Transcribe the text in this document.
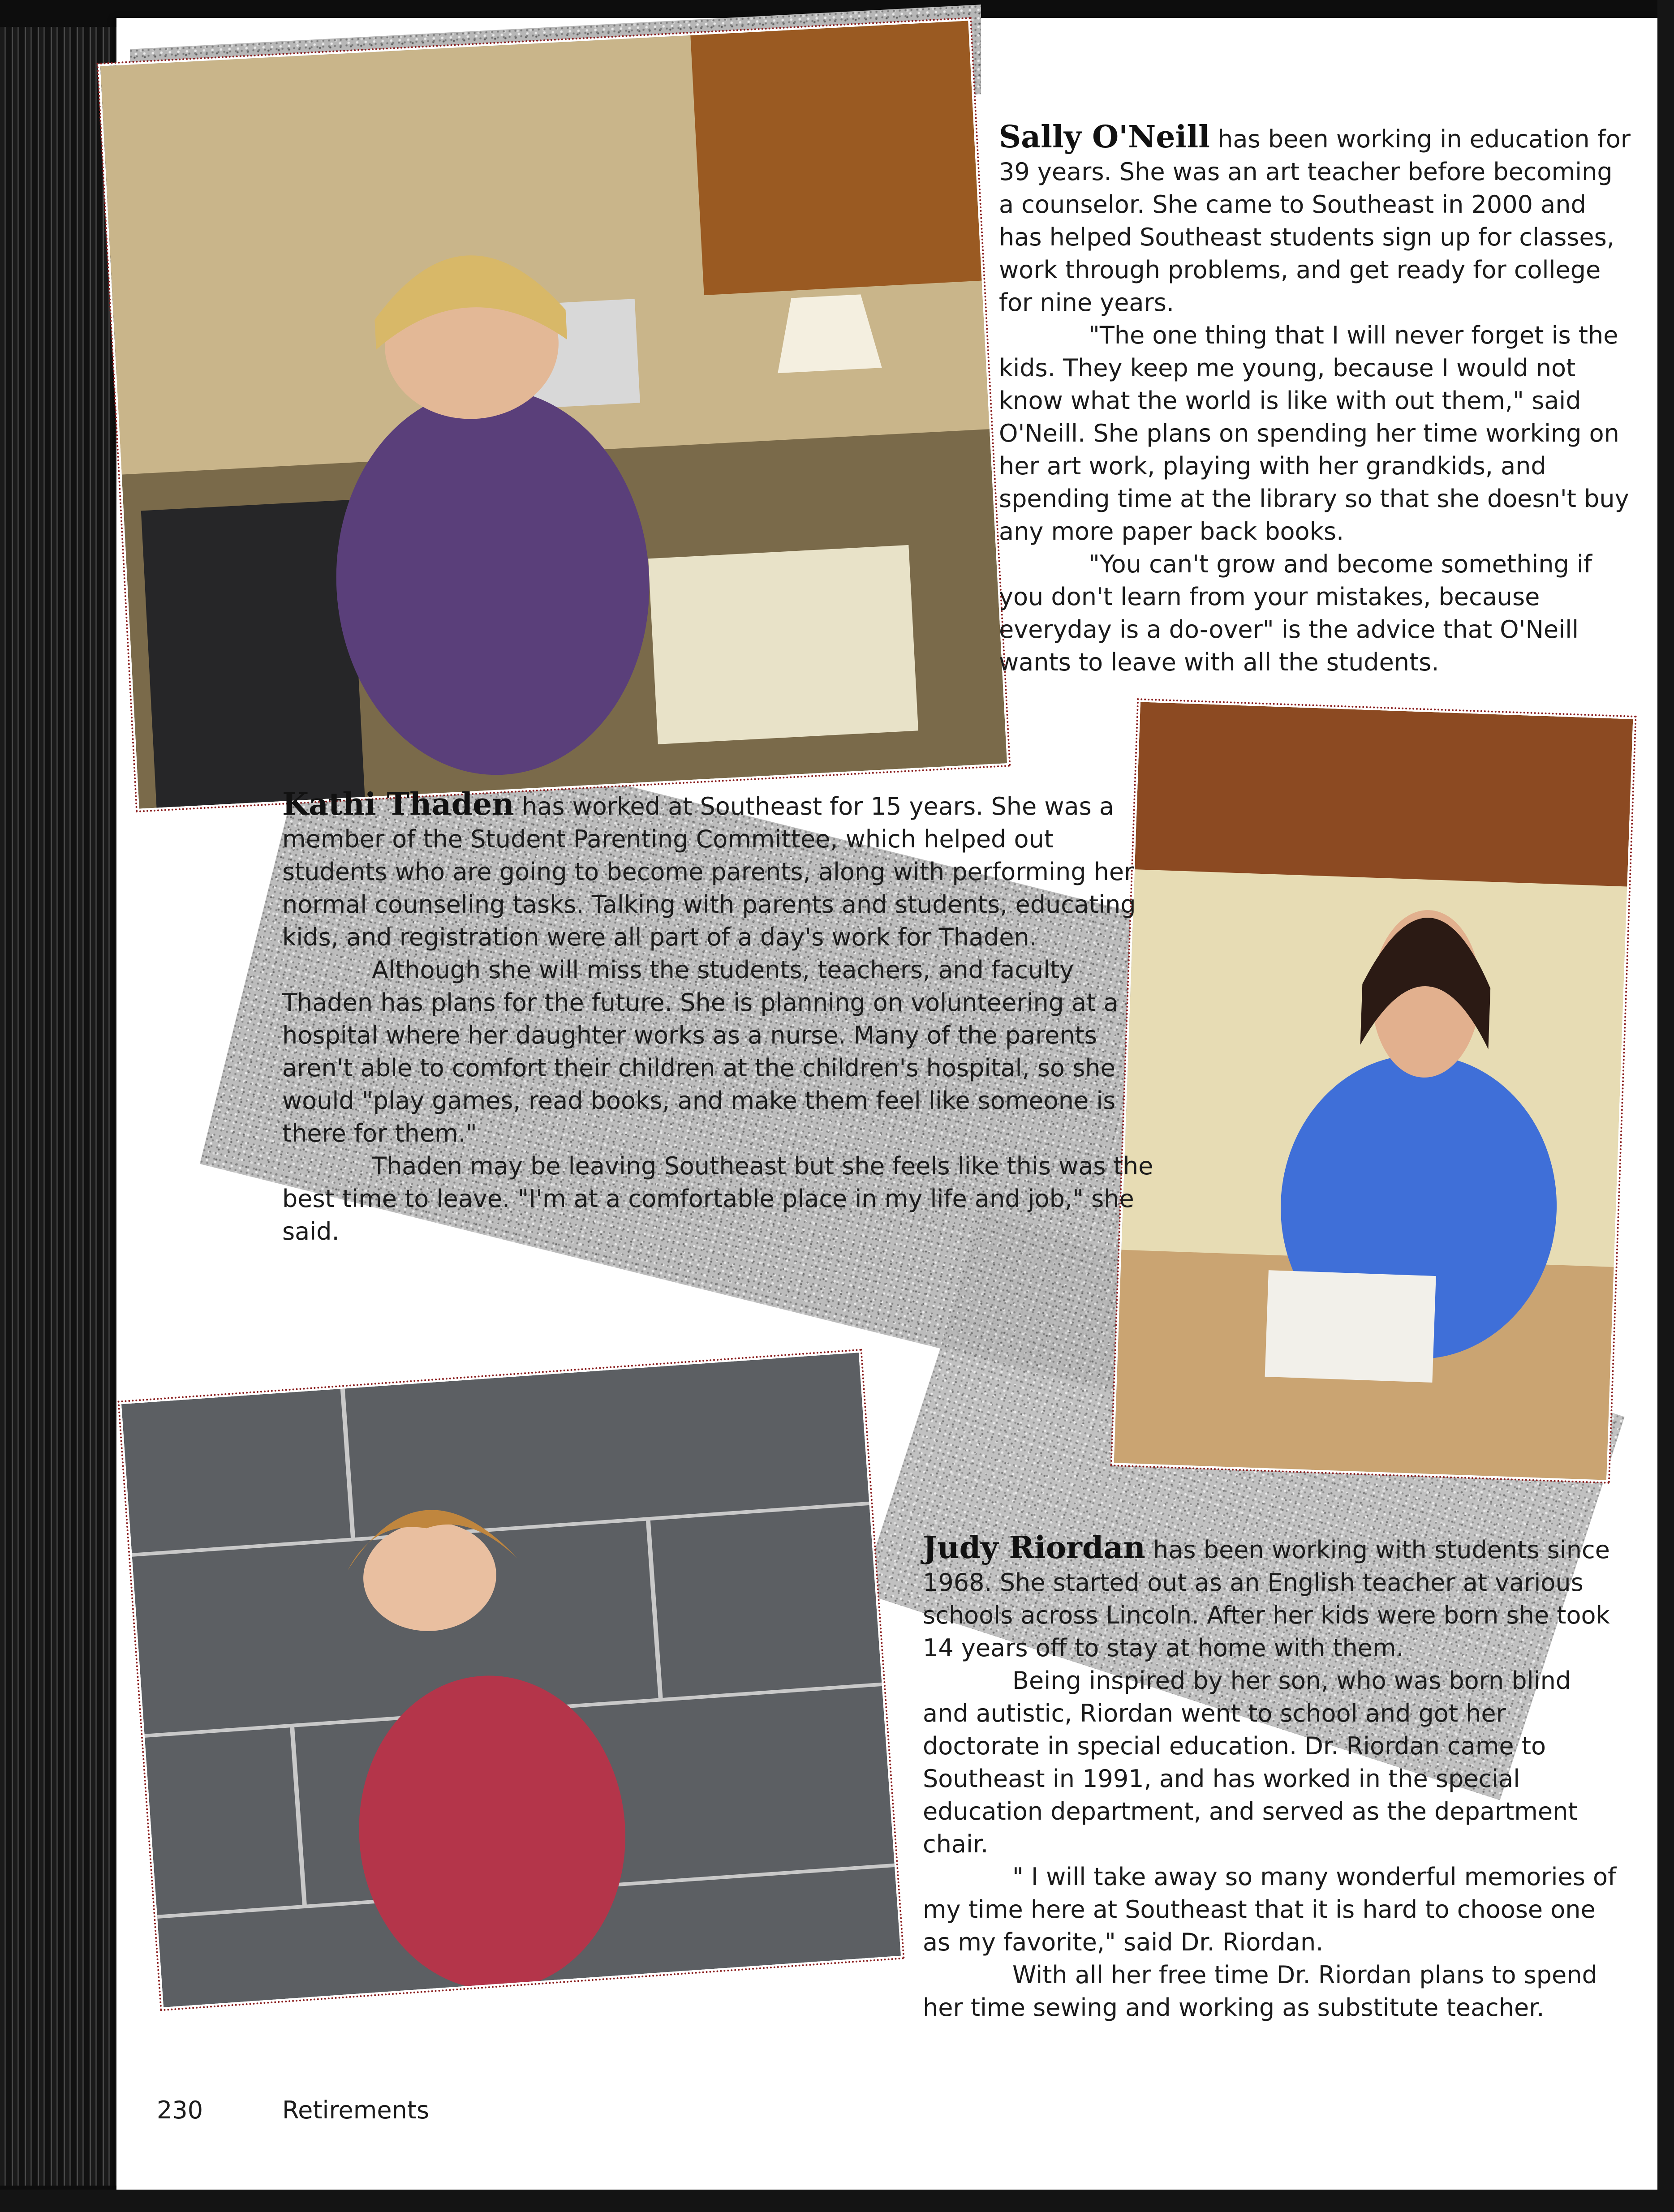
Sally O'Neill has been working in education for 39 years. She was an art teacher before becoming a counselor. She came to Southeast in 2000 and has helped Southeast students sign up for classes, work through problems, and get ready for college for nine years.

"The one thing that I will never forget is the kids. They keep me young, because I would not know what the world is like with out them," said O'Neill. She plans on spending her time working on her art work, playing with her grandkids, and spending time at the library so that she doesn't buy any more paper back books.

"You can't grow and become something if you don't learn from your mistakes, because everyday is a do-over" is the advice that O'Neill wants to leave with all the students.

Kathi Thaden has worked at Southeast for 15 years. She was a member of the Student Parenting Committee, which helped out students who are going to become parents, along with performing her normal counseling tasks. Talking with parents and students, educating kids, and registration were all part of a day's work for Thaden.

Although she will miss the students, teachers, and faculty Thaden has plans for the future. She is planning on volunteering at a hospital where her daughter works as a nurse. Many of the parents aren't able to comfort their children at the children's hospital, so she would "play games, read books, and make them feel like someone is there for them."

Thaden may be leaving Southeast but she feels like this was the best time to leave. "I'm at a comfortable place in my life and job," she said.

Judy Riordan has been working with students since 1968. She started out as an English teacher at various schools across Lincoln. After her kids were born she took 14 years off to stay at home with them.

Being inspired by her son, who was born blind and autistic, Riordan went to school and got her doctorate in special education. Dr. Riordan came to Southeast in 1991, and has worked in the special education department, and served as the department chair.

" I will take away so many wonderful memories of my time here at Southeast that it is hard to choose one as my favorite," said Dr. Riordan.

With all her free time Dr. Riordan plans to spend her time sewing and working as substitute teacher.

230	Retirements
